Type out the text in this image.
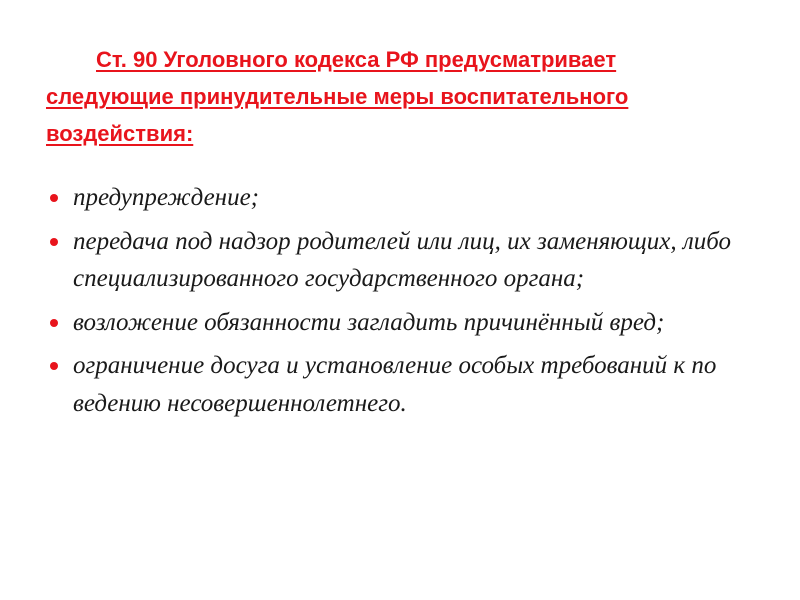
Ст. 90 Уголовного кодекса РФ предусматривает следующие принудительные меры воспитательного воздействия:

предупреждение;
передача под надзор родителей или лиц, их заменяющих, либо специализированного государственного органа;
возложение обязанности загладить причинённый вред;
ограничение досуга и установление особых требований к по ведению несовершеннолетнего.
